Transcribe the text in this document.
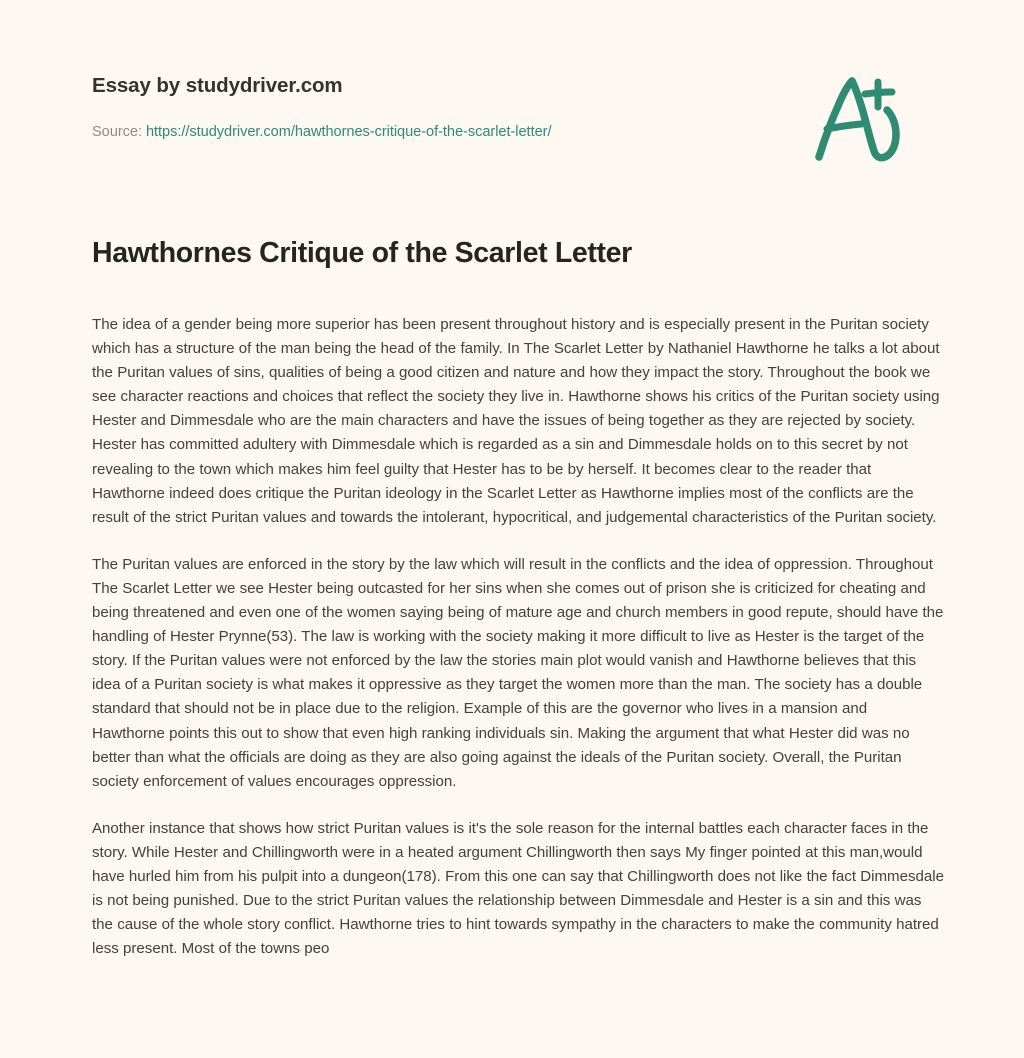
Essay by studydriver.com
Source: https://studydriver.com/hawthornes-critique-of-the-scarlet-letter/
Hawthornes Critique of the Scarlet Letter

The idea of a gender being more superior has been present throughout history and is especially present in the Puritan society which has a structure of the man being the head of the family. In The Scarlet Letter by Nathaniel Hawthorne he talks a lot about the Puritan values of sins, qualities of being a good citizen and nature and how they impact the story. Throughout the book we see character reactions and choices that reflect the society they live in. Hawthorne shows his critics of the Puritan society using Hester and Dimmesdale who are the main characters and have the issues of being together as they are rejected by society. Hester has committed adultery with Dimmesdale which is regarded as a sin and Dimmesdale holds on to this secret by not revealing to the town which makes him feel guilty that Hester has to be by herself. It becomes clear to the reader that Hawthorne indeed does critique the Puritan ideology in the Scarlet Letter as Hawthorne implies most of the conflicts are the result of the strict Puritan values and towards the intolerant, hypocritical, and judgemental characteristics of the Puritan society.

The Puritan values are enforced in the story by the law which will result in the conflicts and the idea of oppression. Throughout The Scarlet Letter we see Hester being outcasted for her sins when she comes out of prison she is criticized for cheating and being threatened and even one of the women saying being of mature age and church members in good repute, should have the handling of Hester Prynne(53). The law is working with the society making it more difficult to live as Hester is the target of the story. If the Puritan values were not enforced by the law the stories main plot would vanish and Hawthorne believes that this idea of a Puritan society is what makes it oppressive as they target the women more than the man. The society has a double standard that should not be in place due to the religion. Example of this are the governor who lives in a mansion and Hawthorne points this out to show that even high ranking individuals sin. Making the argument that what Hester did was no better than what the officials are doing as they are also going against the ideals of the Puritan society. Overall, the Puritan society enforcement of values encourages oppression.

Another instance that shows how strict Puritan values is it's the sole reason for the internal battles each character faces in the story. While Hester and Chillingworth were in a heated argument Chillingworth then says My finger pointed at this man,would have hurled him from his pulpit into a dungeon(178). From this one can say that Chillingworth does not like the fact Dimmesdale is not being punished. Due to the strict Puritan values the relationship between Dimmesdale and Hester is a sin and this was the cause of the whole story conflict. Hawthorne tries to hint towards sympathy in the characters to make the community hatred less present. Most of the towns peo
